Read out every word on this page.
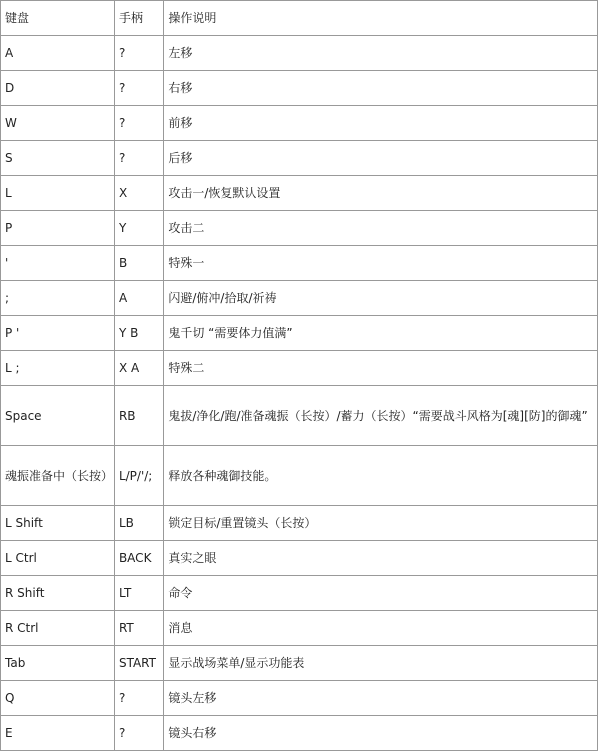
键盘	手柄	操作说明
A	?	左移
D	?	右移
W	?	前移
S	?	后移
L	X	攻击一/恢复默认设置
P	Y	攻击二
'	B	特殊一
;	A	闪避/俯冲/拾取/祈祷
P '	Y B	鬼千切 “需要体力值满”
L ;	X A	特殊二
Space	RB	鬼拔/净化/跑/准备魂振（长按）/蓄力（长按）“需要战斗风格为[魂][防]的御魂”
魂振准备中（长按）	L/P/'/;	释放各种魂御技能。
L Shift	LB	锁定目标/重置镜头（长按）
L Ctrl	BACK	真实之眼
R Shift	LT	命令
R Ctrl	RT	消息
Tab	START	显示战场菜单/显示功能表
Q	?	镜头左移
E	?	镜头右移
